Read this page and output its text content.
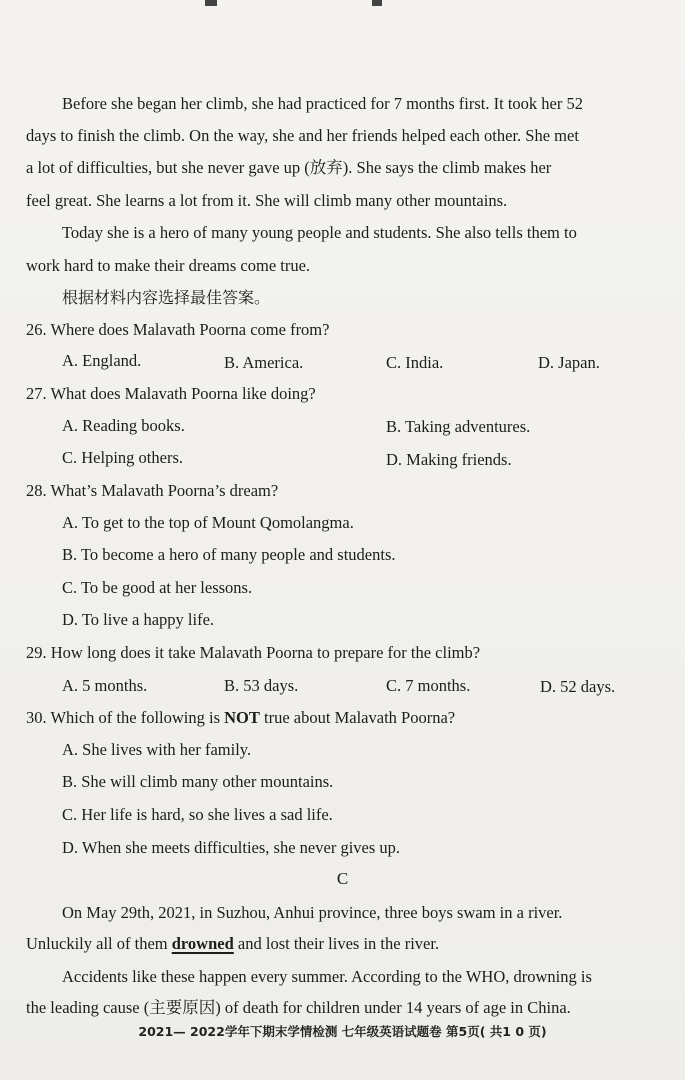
Before she began her climb, she had practiced for 7 months first. It took her 52
days to finish the climb. On the way, she and her friends helped each other. She met
a lot of difficulties, but she never gave up (放弃). She says the climb makes her
feel great. She learns a lot from it. She will climb many other mountains.
Today she is a hero of many young people and students. She also tells them to
work hard to make their dreams come true.
根据材料内容选择最佳答案。
26. Where does Malavath Poorna come from?
A. England.	B. America.	C. India.	D. Japan.
27. What does Malavath Poorna like doing?
A. Reading books.	B. Taking adventures.
C. Helping others.	D. Making friends.
28. What’s Malavath Poorna’s dream?
A. To get to the top of Mount Qomolangma.
B. To become a hero of many people and students.
C. To be good at her lessons.
D. To live a happy life.
29. How long does it take Malavath Poorna to prepare for the climb?
A. 5 months.	B. 53 days.	C. 7 months.	D. 52 days.
30. Which of the following is NOT true about Malavath Poorna?
A. She lives with her family.
B. She will climb many other mountains.
C. Her life is hard, so she lives a sad life.
D. When she meets difficulties, she never gives up.
C
On May 29th, 2021, in Suzhou, Anhui province, three boys swam in a river.
Unluckily all of them drowned and lost their lives in the river.
Accidents like these happen every summer. According to the WHO, drowning is
the leading cause (主要原因) of death for children under 14 years of age in China.
2021— 2022学年下期末学情检测 七年级英语试题卷 第5页( 共1 0 页)
